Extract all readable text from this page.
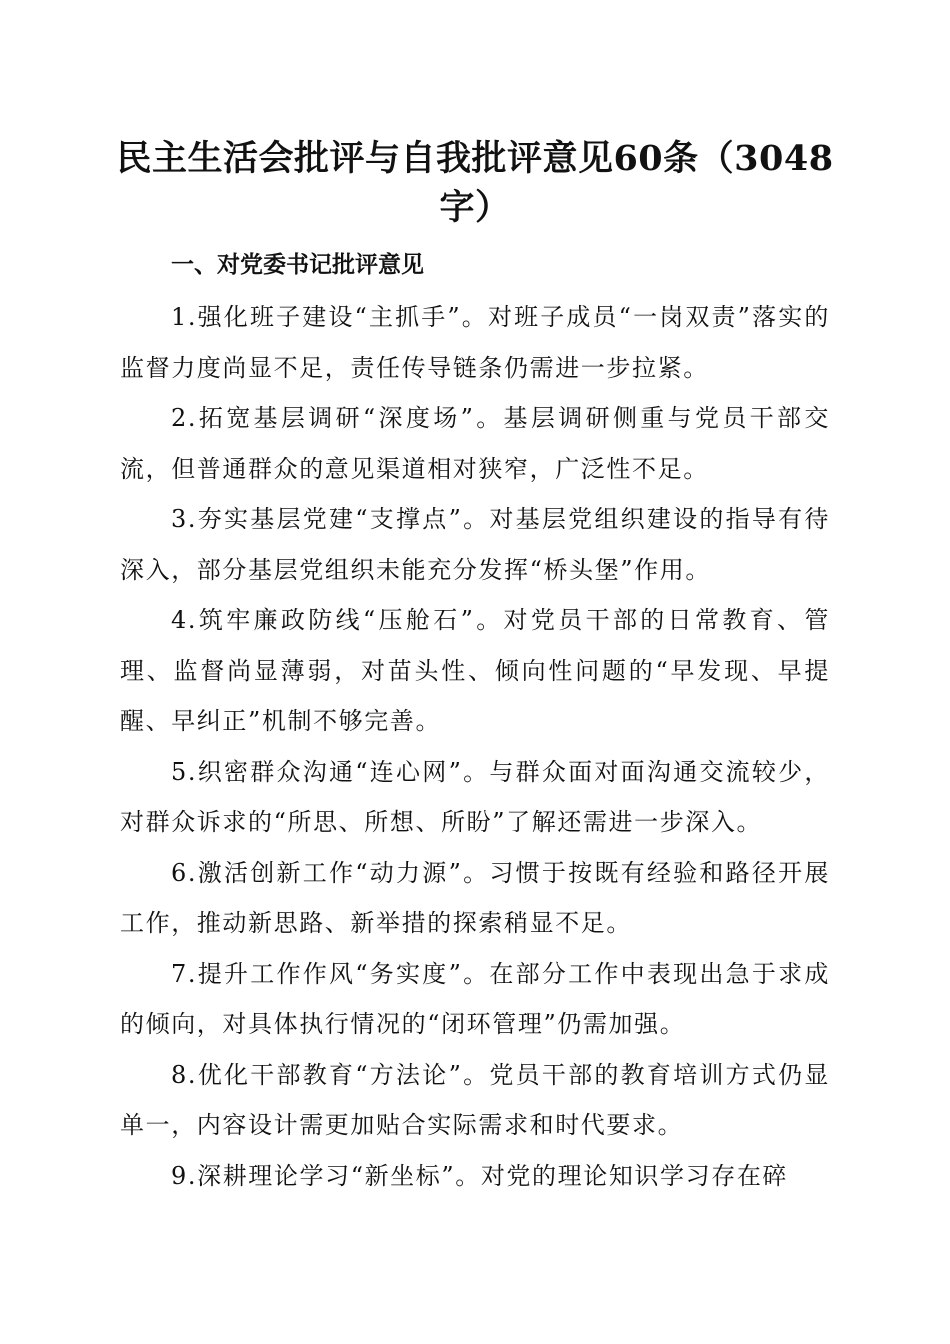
民主生活会批评与自我批评意见60条（3048字）
一、对党委书记批评意见

1.强化班子建设“主抓手”。对班子成员“一岗双责”落实的监督力度尚显不足，责任传导链条仍需进一步拉紧。

2.拓宽基层调研“深度场”。基层调研侧重与党员干部交流，但普通群众的意见渠道相对狭窄，广泛性不足。

3.夯实基层党建“支撑点”。对基层党组织建设的指导有待深入，部分基层党组织未能充分发挥“桥头堡”作用。

4.筑牢廉政防线“压舱石”。对党员干部的日常教育、管理、监督尚显薄弱，对苗头性、倾向性问题的“早发现、早提醒、早纠正”机制不够完善。

5.织密群众沟通“连心网”。与群众面对面沟通交流较少，对群众诉求的“所思、所想、所盼”了解还需进一步深入。

6.激活创新工作“动力源”。习惯于按既有经验和路径开展工作，推动新思路、新举措的探索稍显不足。

7.提升工作作风“务实度”。在部分工作中表现出急于求成的倾向，对具体执行情况的“闭环管理”仍需加强。

8.优化干部教育“方法论”。党员干部的教育培训方式仍显单一，内容设计需更加贴合实际需求和时代要求。

9.深耕理论学习“新坐标”。对党的理论知识学习存在碎
